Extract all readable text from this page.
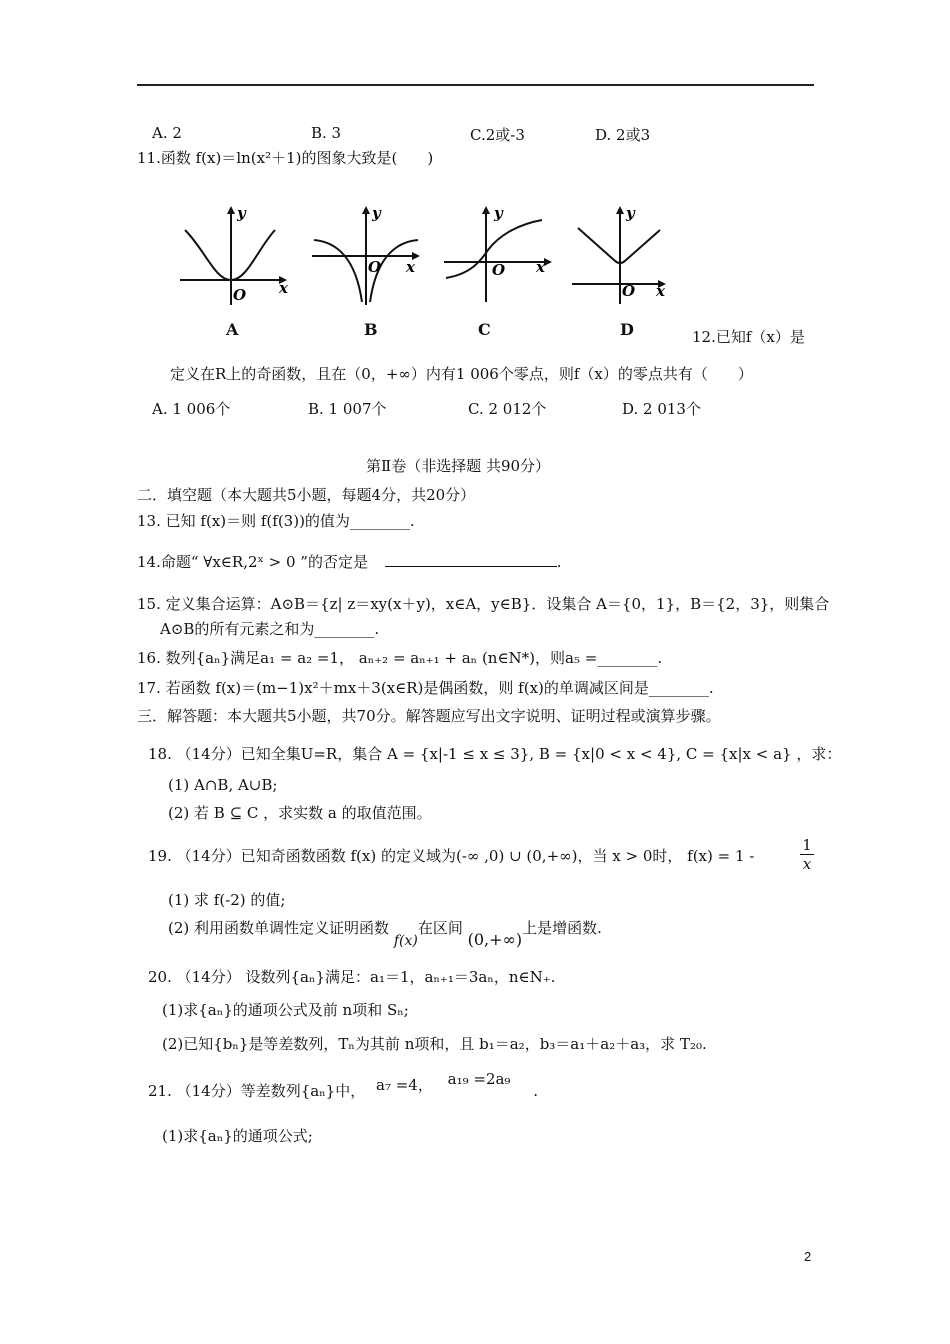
A. 2	B. 3	C.2或-3	D. 2或3
11.函数 f(x)＝ln(x²＋1)的图象大致是(　　)
y
x
O
A
y
x
O
B
y
x
O
C
y
x
O
D	12.已知f（x）是
定义在R上的奇函数，且在（0，+∞）内有1 006个零点，则f（x）的零点共有（　　）
A. 1 006个	B. 1 007个	C. 2 012个	D. 2 013个
第Ⅱ卷（非选择题 共90分）
二．填空题（本大题共5小题，每题4分，共20分）
13. 已知 f(x)＝则 f(f(3))的值为________.
14.命题“ ∀x∈R,2ˣ > 0 ”的否定是	.
15. 定义集合运算：A⊙B＝{z| z＝xy(x＋y)，x∈A，y∈B}．设集合 A＝{0，1}，B＝{2，3}，则集合
A⊙B的所有元素之和为________.
16. 数列{aₙ}满足a₁ = a₂ =1， aₙ₊₂ = aₙ₊₁ + aₙ (n∈N*)，则a₅ =________.
17. 若函数 f(x)＝(m−1)x²＋mx＋3(x∈R)是偶函数，则 f(x)的单调减区间是________.
三．解答题：本大题共5小题，共70分。解答题应写出文字说明、证明过程或演算步骤。
18. （14分）已知全集U=R，集合 A = {x|-1 ≤ x ≤ 3}, B = {x|0 < x < 4}, C = {x|x < a} ，求：
(1) A∩B, A∪B;
(2) 若 B ⊆ C ，求实数 a 的取值范围。
19. （14分）已知奇函数函数 f(x) 的定义域为(-∞ ,0) ∪ (0,+∞)，当 x > 0时， f(x) = 1 -	$\frac{1}{x}$
(1) 求 f(-2) 的值;
(2) 利用函数单调性定义证明函数 f(x)在区间 (0,+∞)上是增函数.
20. （14分） 设数列{aₙ}满足：a₁＝1，aₙ₊₁＝3aₙ，n∈N₊.
(1)求{aₙ}的通项公式及前 n项和 Sₙ;
(2)已知{bₙ}是等差数列，Tₙ为其前 n项和，且 b₁＝a₂，b₃＝a₁＋a₂＋a₃，求 T₂₀.
21. （14分）等差数列{aₙ}中， a₇ =4， a₁₉ =2a₉ .
(1)求{aₙ}的通项公式;
2
